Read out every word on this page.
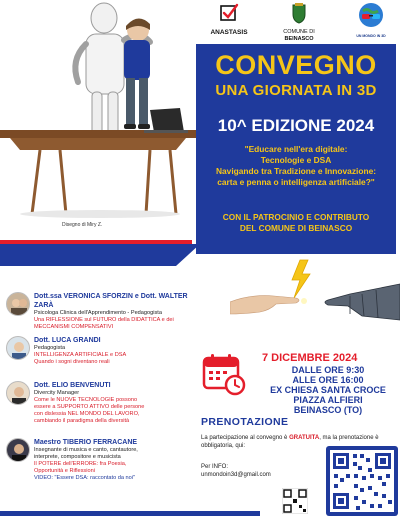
Disegno di Miry Z.
ANASTASIS	COMUNE DI
BEINASCO	UN MONDO IN 3D
CONVEGNO
UNA GIORNATA IN 3D
10^ EDIZIONE 2024
"Educare nell'era digitale:
Tecnologie e DSA
Navigando tra Tradizione e Innovazione:
carta e penna o intelligenza artificiale?"
CON IL PATROCINIO E CONTRIBUTO
DEL COMUNE DI BEINASCO
Dott.ssa VERONICA SFORZIN e Dott. WALTER ZARÀ
Psicologa Clinica dell'Apprendimento - Pedagogista
Una RIFLESSIONE sul FUTURO della DIDATTICA e dei
MECCANISMI COMPENSATIVI
Dott. LUCA GRANDI
Pedagogista
INTELLIGENZA ARTIFICIALE e DSA
Quando i sogni diventano reali
Dott. ELIO BENVENUTI
Divercity Manager
Come le NUOVE TECNOLOGIE possono
essere a SUPPORTO ATTIVO delle persone
con dislessia NEL MONDO DEL LAVORO,
cambiando il paradigma della diversità
Maestro TIBERIO FERRACANE
Insegnante di musica e canto, cantautore,
interprete, compositore e musicista
Il POTERE dell'ERRORE: fra Poesia,
Opportunità e Riflessioni
VIDEO: "Essere DSA: raccontato da noi"
7 DICEMBRE 2024
DALLE ORE 9:30
ALLE ORE 16:00
EX CHIESA SANTA CROCE
PIAZZA ALFIERI
BEINASCO (TO)
PRENOTAZIONE
La partecipazione al convegno è GRATUITA, ma la prenotazione è obbligatoria, qui:
Per INFO:
unmondoin3d@gmail.com
